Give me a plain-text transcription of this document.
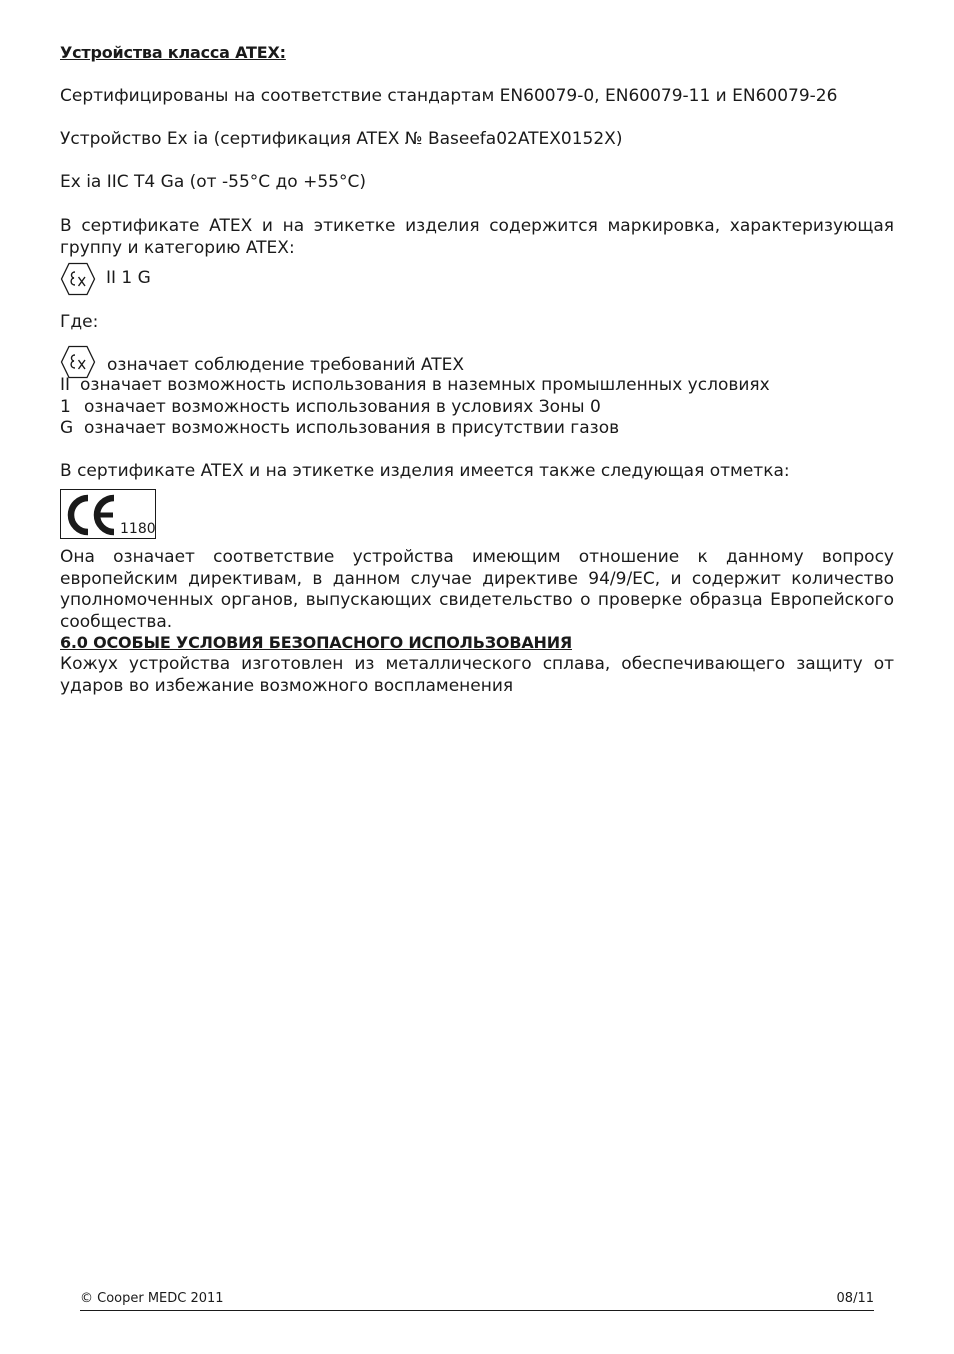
Устройства класса ATEX:
Сертифицированы на соответствие стандартам EN60079-0, EN60079-11 и EN60079-26
Устройство Ex ia (сертификация ATEX № Baseefa02ATEX0152X)
Ex ia IIC T4 Ga (от -55°C до +55°C)
В сертификате ATEX и на этикетке изделия содержится маркировка, характеризующая группу и категорию ATEX:
II 1 G
Где:
означает соблюдение требований ATEX
II означает возможность использования в наземных промышленных условиях
1 означает возможность использования в условиях Зоны 0
G означает возможность использования в присутствии газов
В сертификате ATEX и на этикетке изделия имеется также следующая отметка:
1180
Она означает соответствие устройства имеющим отношение к данному вопросу европейским директивам, в данном случае директиве 94/9/EC, и содержит количество уполномоченных органов, выпускающих свидетельство о проверке образца Европейского сообщества.
6.0 ОСОБЫЕ УСЛОВИЯ БЕЗОПАСНОГО ИСПОЛЬЗОВАНИЯ
Кожух устройства изготовлен из металлического сплава, обеспечивающего защиту от ударов во избежание возможного воспламенения
© Cooper MEDC 2011	08/11
